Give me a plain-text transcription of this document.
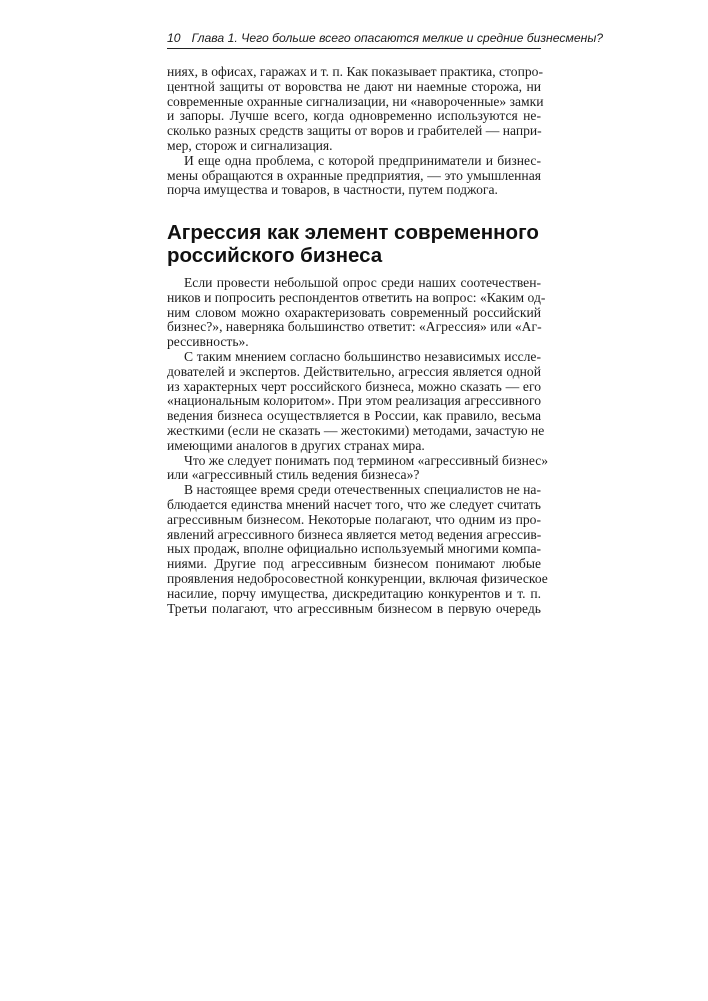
10 Глава 1. Чего больше всего опасаются мелкие и средние бизнесмены?
ниях, в офисах, гаражах и т. п. Как показывает практика, стопро-
центной защиты от воровства не дают ни наемные сторожа, ни
современные охранные сигнализации, ни «навороченные» замки
и запоры. Лучше всего, когда одновременно используются не-
сколько разных средств защиты от воров и грабителей — напри-
мер, сторож и сигнализация.
И еще одна проблема, с которой предприниматели и бизнес-
мены обращаются в охранные предприятия, — это умышленная
порча имущества и товаров, в частности, путем поджога.
Агрессия как элемент современного
российского бизнеса
Если провести небольшой опрос среди наших соотечествен-
ников и попросить респондентов ответить на вопрос: «Каким од-
ним словом можно охарактеризовать современный российский
бизнес?», наверняка большинство ответит: «Агрессия» или «Аг-
рессивность».
С таким мнением согласно большинство независимых иссле-
дователей и экспертов. Действительно, агрессия является одной
из характерных черт российского бизнеса, можно сказать — его
«национальным колоритом». При этом реализация агрессивного
ведения бизнеса осуществляется в России, как правило, весьма
жесткими (если не сказать — жестокими) методами, зачастую не
имеющими аналогов в других странах мира.
Что же следует понимать под термином «агрессивный бизнес»
или «агрессивный стиль ведения бизнеса»?
В настоящее время среди отечественных специалистов не на-
блюдается единства мнений насчет того, что же следует считать
агрессивным бизнесом. Некоторые полагают, что одним из про-
явлений агрессивного бизнеса является метод ведения агрессив-
ных продаж, вполне официально используемый многими компа-
ниями. Другие под агрессивным бизнесом понимают любые
проявления недобросовестной конкуренции, включая физическое
насилие, порчу имущества, дискредитацию конкурентов и т. п.
Третьи полагают, что агрессивным бизнесом в первую очередь
